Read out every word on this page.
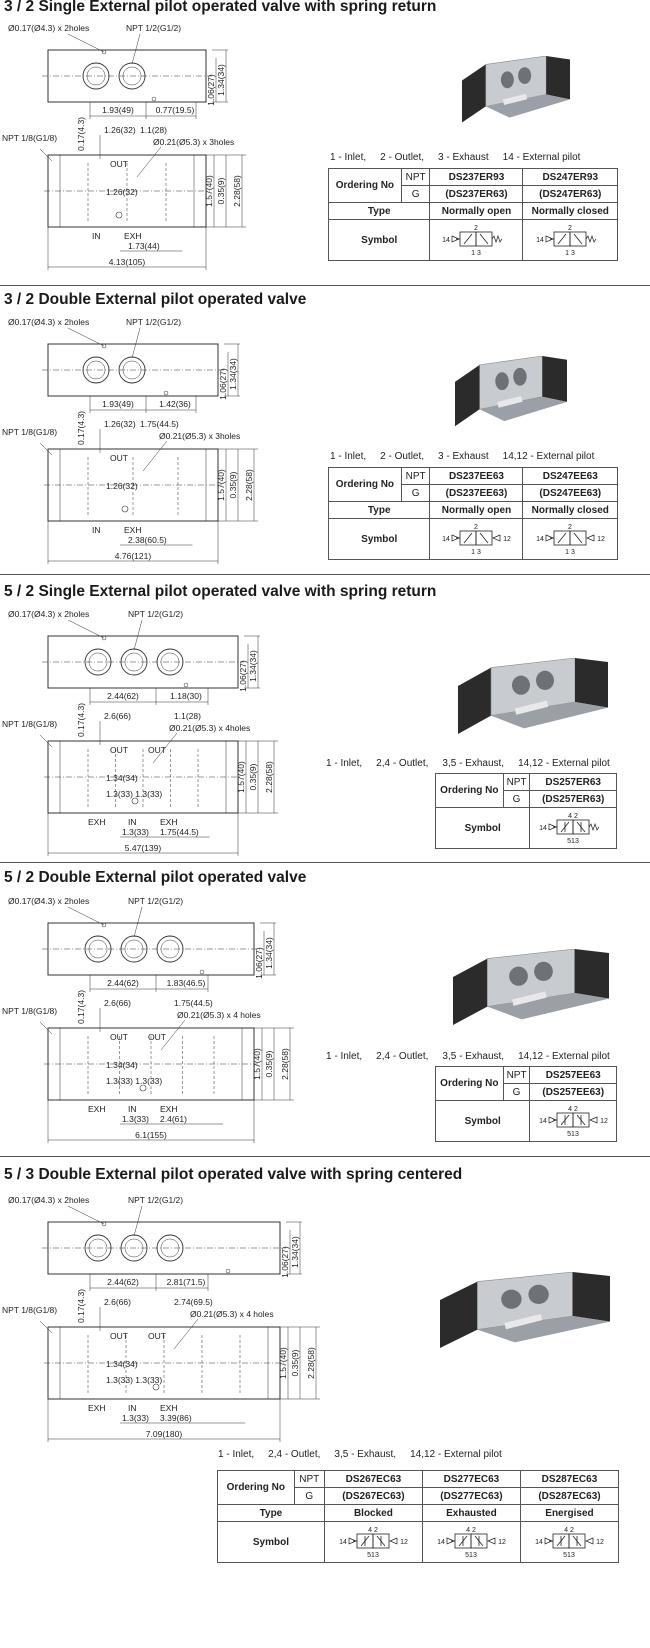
3 / 2 Single External pilot operated valve with spring return
Ø0.17(Ø4.3) x 2holes	NPT 1/2(G1/2)
1.06(27) 1.34(34)
1.93(49)	0.77(19.5)
NPT 1/8(G1/8) 0.17(4.3) 1.26(32) 1.1(28)
Ø0.21(Ø5.3) x 3holes
OUT
1.26(32)	1.57(40) 0.35(9) 2.28(58)
IN	EXH
1.73(44)
4.13(105)
1 - Inlet, 2 - Outlet, 3 - Exhaust 14 - External pilot
Ordering No	NPT	DS237ER93	DS247ER93
	G	(DS237ER63)	(DS247ER63)
Type		Normally open	Normally closed
Symbol		2
14
1 3	2
14
1 3
3 / 2 Double External pilot operated valve
Ø0.17(Ø4.3) x 2holes	NPT 1/2(G1/2)
1.06(27) 1.34(34)
1.93(49)	1.42(36)
NPT 1/8(G1/8) 0.17(4.3) 1.26(32) 1.75(44.5)
Ø0.21(Ø5.3) x 3holes
OUT
1.26(32)	1.57(40) 0.35(9) 2.28(58)
IN	EXH
2.38(60.5)
4.76(121)
1 - Inlet, 2 - Outlet, 3 - Exhaust 14,12 - External pilot
Ordering No	NPT	DS237EE63	DS247EE63
	G	(DS237EE63)	(DS247EE63)
Type		Normally open	Normally closed
Symbol		2
14 12
1 3	2
14 12
1 3
5 / 2 Single External pilot operated valve with spring return
Ø0.17(Ø4.3) x 2holes	NPT 1/2(G1/2)
1.06(27) 1.34(34)
2.44(62)	1.18(30)
NPT 1/8(G1/8) 0.17(4.3) 2.6(66)	1.1(28)
Ø0.21(Ø5.3) x 4holes
OUT OUT
1.34(34)
1.3(33) 1.3(33)
1.57(40) 0.35(9) 2.28(58)
EXH	IN	EXH
1.3(33) 1.75(44.5)
5.47(139)
1 - Inlet, 2,4 - Outlet, 3,5 - Exhaust, 14,12 - External pilot
Ordering No	NPT	DS257ER63
	G	(DS257ER63)
Symbol		4 2
14
513
5 / 2 Double External pilot operated valve
Ø0.17(Ø4.3) x 2holes	NPT 1/2(G1/2)
1.06(27) 1.34(34)
2.44(62)	1.83(46.5)
NPT 1/8(G1/8) 0.17(4.3) 2.6(66)	1.75(44.5)
Ø0.21(Ø5.3) x 4 holes
OUT OUT
1.34(34)
1.3(33) 1.3(33)
1.57(40) 0.35(9) 2.28(58)
EXH	IN	EXH
1.3(33) 2.4(61)
6.1(155)
1 - Inlet, 2,4 - Outlet, 3,5 - Exhaust, 14,12 - External pilot
Ordering No	NPT	DS257EE63
	G	(DS257EE63)
Symbol		4 2
14 12
513
5 / 3 Double External pilot operated valve with spring centered
Ø0.17(Ø4.3) x 2holes	NPT 1/2(G1/2)
1.06(27) 1.34(34)
2.44(62)	2.81(71.5)
NPT 1/8(G1/8) 0.17(4.3) 2.6(66)	2.74(69.5)
Ø0.21(Ø5.3) x 4 holes
OUT OUT
1.34(34)
1.3(33) 1.3(33)
1.57(40) 0.35(9) 2.28(58)
EXH	IN	EXH
1.3(33) 3.39(86)
7.09(180)
1 - Inlet, 2,4 - Outlet, 3,5 - Exhaust, 14,12 - External pilot
Ordering No	NPT	DS267EC63	DS277EC63	DS287EC63
	G	(DS267EC63)	(DS277EC63)	(DS287EC63)
Type		Blocked	Exhausted	Energised
Symbol		4 2
14 12
513	4 2
14 12
513	4 2
14 12
513
